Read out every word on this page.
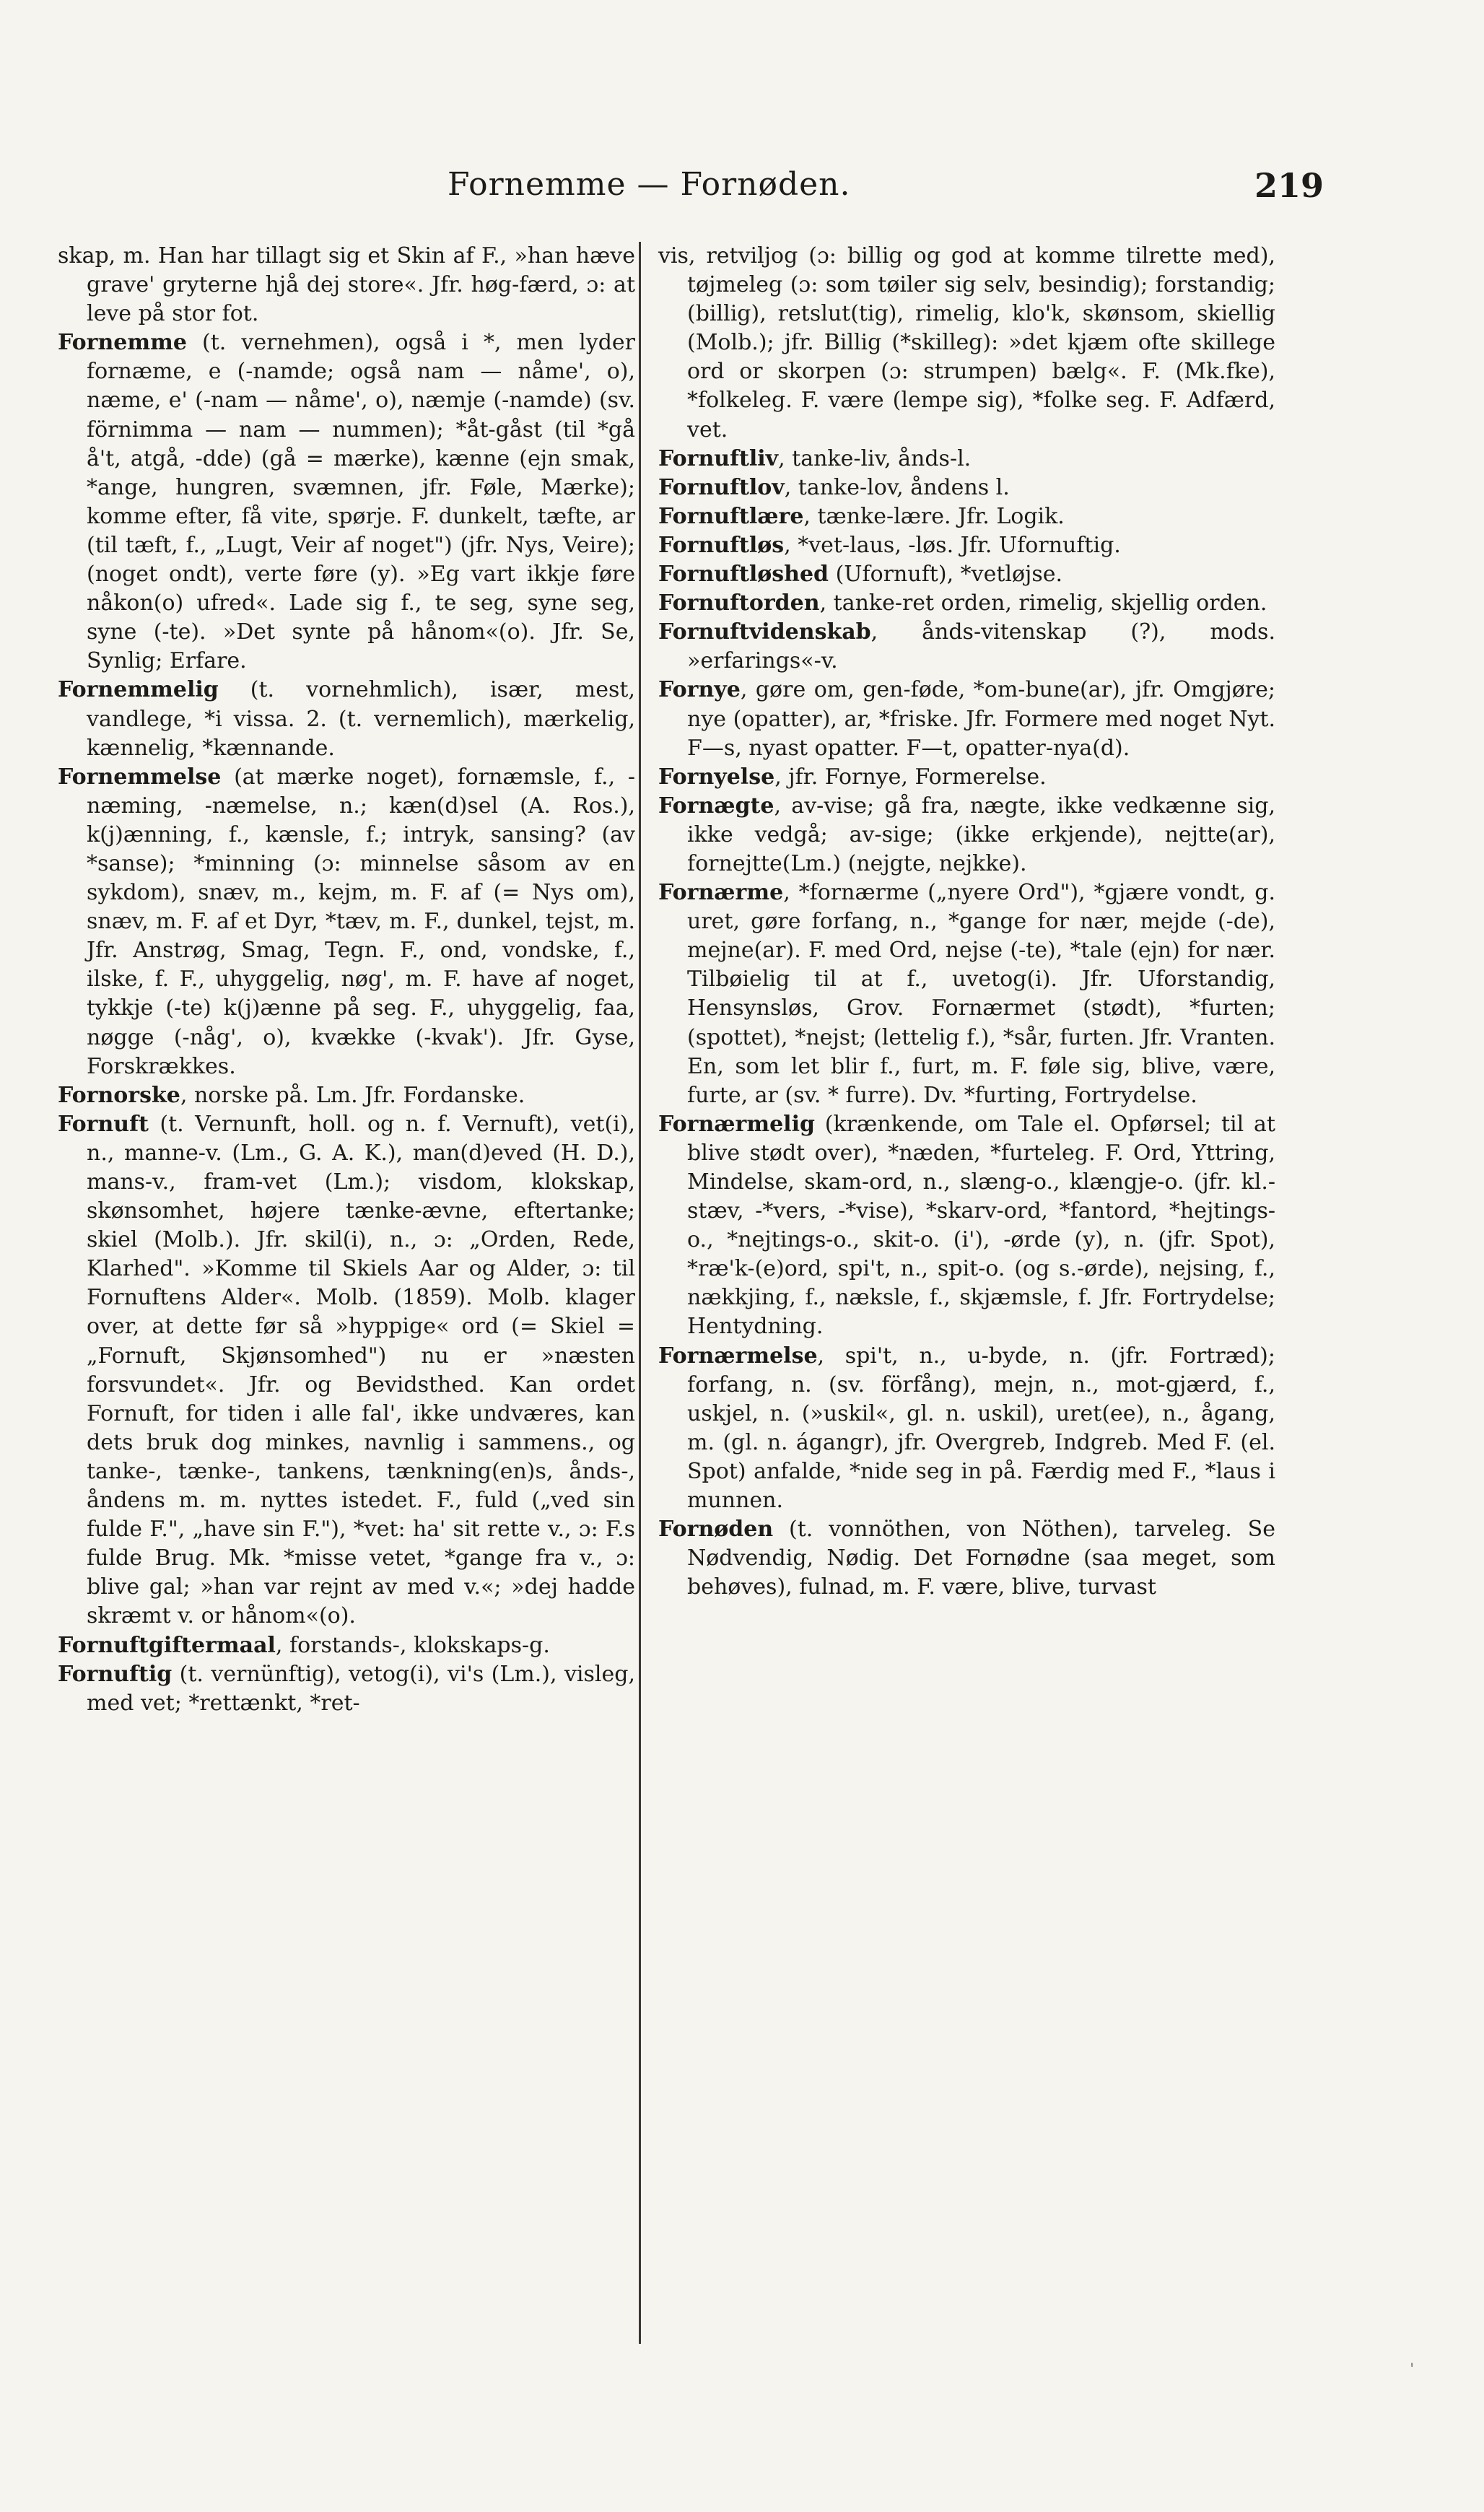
Fornemme — Fornøden.	219

skap, m. Han har tillagt sig et Skin af F., »han hæve grave' gryterne hjå dej store«. Jfr. høg-færd, ɔ: at leve på stor fot.

Fornemme (t. vernehmen), også i *, men lyder fornæme, e (-namde; også nam — nåme', o), næme, e' (-nam — nåme', o), næmje (-namde) (sv. förnimma — nam — nummen); *åt-gåst (til *gå å't, atgå, -dde) (gå = mærke), kænne (ejn smak, *ange, hungren, svæmnen, jfr. Føle, Mærke); komme efter, få vite, spørje. F. dunkelt, tæfte, ar (til tæft, f., „Lugt, Veir af noget") (jfr. Nys, Veire); (noget ondt), verte føre (y). »Eg vart ikkje føre nåkon(o) ufred«. Lade sig f., te seg, syne seg, syne (-te). »Det synte på hånom«(o). Jfr. Se, Synlig; Erfare.

Fornemmelig (t. vornehmlich), især, mest, vandlege, *i vissa. 2. (t. vernemlich), mærkelig, kænnelig, *kænnande.

Fornemmelse (at mærke noget), fornæmsle, f., -næming, -næmelse, n.; kæn(d)sel (A. Ros.), k(j)ænning, f., kænsle, f.; intryk, sansing? (av *sanse); *minning (ɔ: minnelse såsom av en sykdom), snæv, m., kejm, m. F. af (= Nys om), snæv, m. F. af et Dyr, *tæv, m. F., dunkel, tejst, m. Jfr. Anstrøg, Smag, Tegn. F., ond, vondske, f., ilske, f. F., uhyggelig, nøg', m. F. have af noget, tykkje (-te) k(j)ænne på seg. F., uhyggelig, faa, nøgge (-någ', o), kvække (-kvak'). Jfr. Gyse, Forskrækkes.

Fornorske, norske på. Lm. Jfr. Fordanske.

Fornuft (t. Vernunft, holl. og n. f. Vernuft), vet(i), n., manne-v. (Lm., G. A. K.), man(d)eved (H. D.), mans-v., fram-vet (Lm.); visdom, klokskap, skønsomhet, højere tænke-ævne, eftertanke; skiel (Molb.). Jfr. skil(i), n., ɔ: „Orden, Rede, Klarhed". »Komme til Skiels Aar og Alder, ɔ: til Fornuftens Alder«. Molb. (1859). Molb. klager over, at dette før så »hyppige« ord (= Skiel = „Fornuft, Skjønsomhed") nu er »næsten forsvundet«. Jfr. og Bevidsthed. Kan ordet Fornuft, for tiden i alle fal', ikke undværes, kan dets bruk dog minkes, navnlig i sammens., og tanke-, tænke-, tankens, tænkning(en)s, ånds-, åndens m. m. nyttes istedet. F., fuld („ved sin fulde F.", „have sin F."), *vet: ha' sit rette v., ɔ: F.s fulde Brug. Mk. *misse vetet, *gange fra v., ɔ: blive gal; »han var rejnt av med v.«; »dej hadde skræmt v. or hånom«(o).

Fornuftgiftermaal, forstands-, klokskaps-g.

Fornuftig (t. vernünftig), vetog(i), vi's (Lm.), visleg, med vet; *rettænkt, *ret-

vis, retviljog (ɔ: billig og god at komme tilrette med), tøjmeleg (ɔ: som tøiler sig selv, besindig); forstandig; (billig), retslut(tig), rimelig, klo'k, skønsom, skiellig (Molb.); jfr. Billig (*skilleg): »det kjæm ofte skillege ord or skorpen (ɔ: strumpen) bælg«. F. (Mk.fke), *folkeleg. F. være (lempe sig), *folke seg. F. Adfærd, vet.

Fornuftliv, tanke-liv, ånds-l.

Fornuftlov, tanke-lov, åndens l.

Fornuftlære, tænke-lære. Jfr. Logik.

Fornuftløs, *vet-laus, -løs. Jfr. Ufornuftig.

Fornuftløshed (Ufornuft), *vetløjse.

Fornuftorden, tanke-ret orden, rimelig, skjellig orden.

Fornuftvidenskab, ånds-vitenskap (?), mods. »erfarings«-v.

Fornye, gøre om, gen-føde, *om-bune(ar), jfr. Omgjøre; nye (opatter), ar, *friske. Jfr. Formere med noget Nyt. F—s, nyast opatter. F—t, opatter-nya(d).

Fornyelse, jfr. Fornye, Formerelse.

Fornægte, av-vise; gå fra, nægte, ikke vedkænne sig, ikke vedgå; av-sige; (ikke erkjende), nejtte(ar), fornejtte(Lm.) (nejgte, nejkke).

Fornærme, *fornærme („nyere Ord"), *gjære vondt, g. uret, gøre forfang, n., *gange for nær, mejde (-de), mejne(ar). F. med Ord, nejse (-te), *tale (ejn) for nær. Tilbøielig til at f., uvetog(i). Jfr. Uforstandig, Hensynsløs, Grov. Fornærmet (stødt), *furten; (spottet), *nejst; (lettelig f.), *sår, furten. Jfr. Vranten. En, som let blir f., furt, m. F. føle sig, blive, være, furte, ar (sv. * furre). Dv. *furting, Fortrydelse.

Fornærmelig (krænkende, om Tale el. Opførsel; til at blive stødt over), *næden, *furteleg. F. Ord, Yttring, Mindelse, skam-ord, n., slæng-o., klængje-o. (jfr. kl.-stæv, -*vers, -*vise), *skarv-ord, *fantord, *hejtings-o., *nejtings-o., skit-o. (i'), -ørde (y), n. (jfr. Spot), *ræ'k-(e)ord, spi't, n., spit-o. (og s.-ørde), nejsing, f., nækkjing, f., næksle, f., skjæmsle, f. Jfr. Fortrydelse; Hentydning.

Fornærmelse, spi't, n., u-byde, n. (jfr. Fortræd); forfang, n. (sv. förfång), mejn, n., mot-gjærd, f., uskjel, n. (»uskil«, gl. n. uskil), uret(ee), n., ågang, m. (gl. n. ágangr), jfr. Overgreb, Indgreb. Med F. (el. Spot) anfalde, *nide seg in på. Færdig med F., *laus i munnen.

Fornøden (t. vonnöthen, von Nöthen), tarveleg. Se Nødvendig, Nødig. Det Fornødne (saa meget, som behøves), fulnad, m. F. være, blive, turvast

ʹ
